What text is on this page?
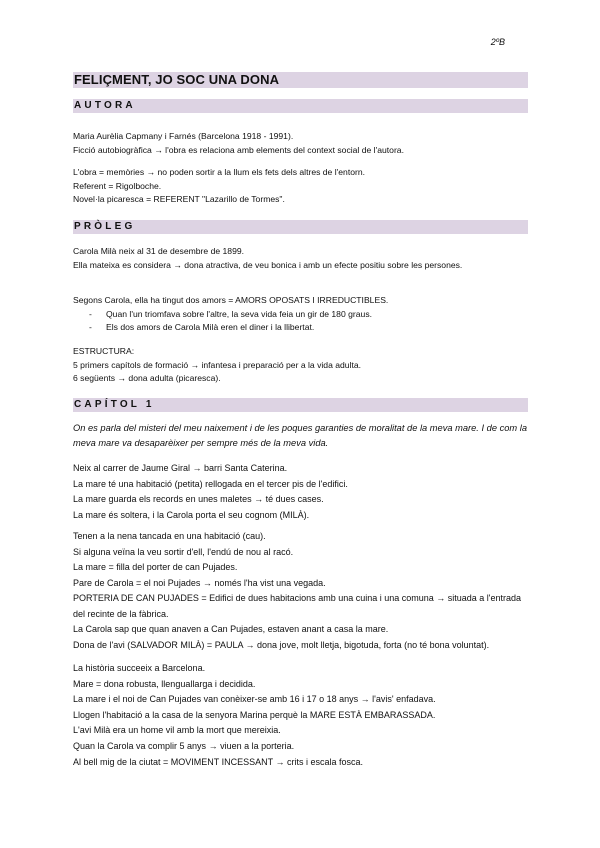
2ºB
FELIÇMENT, JO SOC UNA DONA
AUTORA

Maria Aurèlia Capmany i Farnés (Barcelona 1918 - 1991).

Ficció autobiogràfica → l'obra es relaciona amb elements del context social de l'autora.

L'obra = memòries → no poden sortir a la llum els fets dels altres de l'entorn.

Referent = Rigolboche.

Novel·la picaresca = REFERENT "Lazarillo de Tormes".

PRÒLEG

Carola Milà neix al 31 de desembre de 1899.

Ella mateixa es considera → dona atractiva, de veu bonica i amb un efecte positiu sobre les persones.

Segons Carola, ella ha tingut dos amors = AMORS OPOSATS I IRREDUCTIBLES.

-	Quan l'un triomfava sobre l'altre, la seva vida feia un gir de 180 graus.

-	Els dos amors de Carola Milà eren el diner i la llibertat.

ESTRUCTURA:

5 primers capítols de formació → infantesa i preparació per a la vida adulta.

6 següents → dona adulta (picaresca).

CAPÍTOL 1

On es parla del misteri del meu naixement i de les poques garanties de moralitat de la meva mare. I de com la meva mare va desaparèixer per sempre més de la meva vida.

Neix al carrer de Jaume Giral → barri Santa Caterina.

La mare té una habitació (petita) rellogada en el tercer pis de l'edifici.

La mare guarda els records en unes maletes → té dues cases.

La mare és soltera, i la Carola porta el seu cognom (MILÀ).

Tenen a la nena tancada en una habitació (cau).

Si alguna veïna la veu sortir d'ell, l'endú de nou al racó.

La mare = filla del porter de can Pujades.

Pare de Carola = el noi Pujades → només l'ha vist una vegada.

PORTERIA DE CAN PUJADES = Edifici de dues habitacions amb una cuina i una comuna → situada a l'entrada del recinte de la fàbrica.

La Carola sap que quan anaven a Can Pujades, estaven anant a casa la mare.

Dona de l'avi (SALVADOR MILÀ) = PAULA → dona jove, molt lletja, bigotuda, forta (no té bona voluntat).

La història succeeix a Barcelona.

Mare = dona robusta, llenguallarga i decidida.

La mare i el noi de Can Pujades van conèixer-se amb 16 i 17 o 18 anys → l'avis' enfadava.

Llogen l'habitació a la casa de la senyora Marina perquè la MARE ESTÀ EMBARASSADA.

L'avi Milà era un home vil amb la mort que mereixia.

Quan la Carola va complir 5 anys → viuen a la porteria.

Al bell mig de la ciutat = MOVIMENT INCESSANT → crits i escala fosca.
